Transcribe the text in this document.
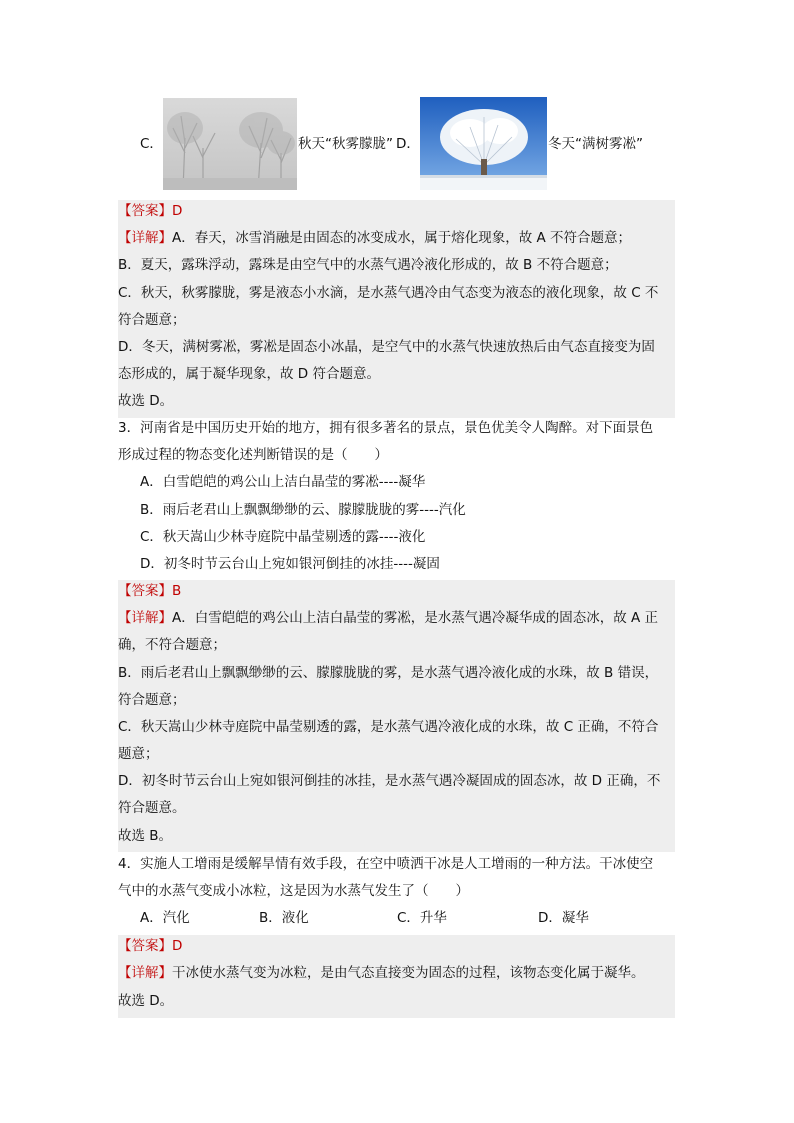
C．	秋天“秋雾朦胧” D．	冬天“满树雾凇”
【答案】D
【详解】A．春天，冰雪消融是由固态的冰变成水，属于熔化现象，故 A 不符合题意；
B．夏天，露珠浮动，露珠是由空气中的水蒸气遇冷液化形成的，故 B 不符合题意；
C．秋天，秋雾朦胧，雾是液态小水滴，是水蒸气遇冷由气态变为液态的液化现象，故 C 不
符合题意；
D．冬天，满树雾凇，雾凇是固态小冰晶，是空气中的水蒸气快速放热后由气态直接变为固
态形成的，属于凝华现象，故 D 符合题意。
故选 D。
3．河南省是中国历史开始的地方，拥有很多著名的景点，景色优美令人陶醉。对下面景色
形成过程的物态变化述判断错误的是（　　）
A．白雪皑皑的鸡公山上洁白晶莹的雾凇----凝华
B．雨后老君山上飘飘缈缈的云、朦朦胧胧的雾----汽化
C．秋天嵩山少林寺庭院中晶莹剔透的露----液化
D．初冬时节云台山上宛如银河倒挂的冰挂----凝固
【答案】B
【详解】A．白雪皑皑的鸡公山上洁白晶莹的雾凇，是水蒸气遇冷凝华成的固态冰，故 A 正
确，不符合题意；
B．雨后老君山上飘飘缈缈的云、朦朦胧胧的雾，是水蒸气遇冷液化成的水珠，故 B 错误，
符合题意；
C．秋天嵩山少林寺庭院中晶莹剔透的露，是水蒸气遇冷液化成的水珠，故 C 正确，不符合
题意；
D．初冬时节云台山上宛如银河倒挂的冰挂，是水蒸气遇冷凝固成的固态冰，故 D 正确，不
符合题意。
故选 B。
4．实施人工增雨是缓解旱情有效手段，在空中喷洒干冰是人工增雨的一种方法。干冰使空
气中的水蒸气变成小冰粒，这是因为水蒸气发生了（　　）
A．汽化	B．液化	C．升华	D．凝华
【答案】D
【详解】干冰使水蒸气变为冰粒，是由气态直接变为固态的过程，该物态变化属于凝华。
故选 D。
